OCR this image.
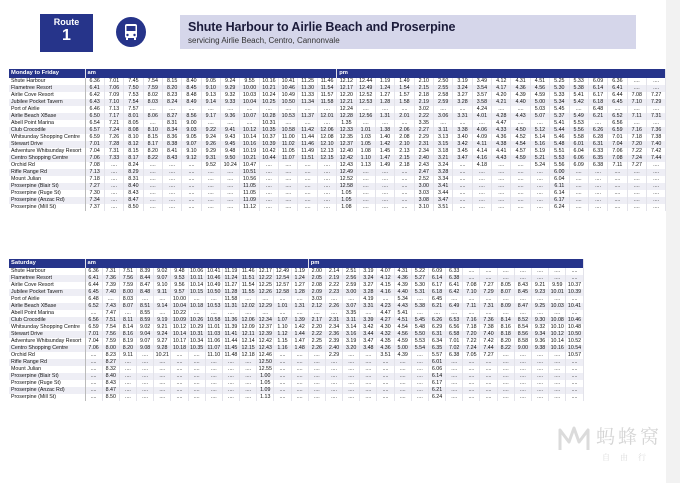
Route
1	Shute Harbour to Airlie Beach and Proserpine
servicing Airlie Beach, Centro, Cannonvale
Monday to Friday	am													pm																
Shute Harbour	6.36	7.01	7.45	7.54	8.15	8.40	9.05	9.24	9.55	10.16	10.41	11.25	11.46	12.12	12.44	1.19	1.49	2.10	2.50	3.19	3.49	4.12	4.31	4.51	5.25	5.33	6.09	6.36	....	....
Flametree Resort	6.41	7.06	7.50	7.59	8.20	8.45	9.10	9.29	10.00	10.21	10.46	11.30	11.54	12.17	12.49	1.24	1.54	2.15	2.55	3.24	3.54	4.17	4.36	4.56	5.30	5.38	6.14	6.41	....	....
Airlie Cove Resort	6.42	7.09	7.53	8.02	8.23	8.48	9.13	9.32	10.03	10.24	10.49	11.33	11.57	12.20	12.52	1.27	1.57	2.18	2.58	3.27	3.57	4.20	4.39	4.59	5.33	5.41	6.17	6.44	7.08	7.27
Jubilee Pocket Tavern	6.43	7.10	7.54	8.03	8.24	8.49	9.14	9.33	10.04	10.25	10.50	11.34	11.58	12.21	12.53	1.28	1.58	2.19	2.59	3.28	3.58	4.21	4.40	5.00	5.34	5.42	6.18	6.45	7.10	7.29
Port of Airlie	6.46	7.13	7.57	....	....	....	....	....	....	....	....	....	....	12.24	....	....	....	3.02	....	....	4.24	....	....	5.03	5.45	....	6.48	....	....	....
Airlie Beach XBase	6.50	7.17	8.01	8.06	8.27	8.56	9.17	9.36	10.07	10.28	10.53	11.37	12.01	12.28	12.56	1.31	2.01	2.22	3.06	3.31	4.01	4.28	4.43	5.07	5.37	5.49	6.21	6.52	7.11	7.31
Abell Point Marina	6.54	7.21	8.05	....	8.31	9.00	....	....	....	10.31	....	....	....	1.35	....	....	....	3.35	....	....	....	4.47	....	....	5.41	5.53	....	6.56	....	....
Club Crocodile	6.57	7.24	8.08	8.10	8.34	9.03	9.22	9.41	10.12	10.35	10.58	11.42	12.06	12.33	1.01	1.38	2.06	2.27	3.11	3.38	4.06	4.33	4.50	5.12	5.44	5.56	6.26	6.59	7.16	7.36
Whitsunday Shopping Centre	6.59	7.26	8.10	8.15	8.36	9.05	9.24	9.43	10.14	10.37	11.00	11.44	12.08	12.35	1.03	1.40	2.08	2.29	3.13	3.40	4.09	4.36	4.52	5.14	5.46	5.58	6.28	7.01	7.18	7.38
Stewart Drive	7.01	7.28	8.12	8.17	8.38	9.07	9.26	9.45	10.16	10.39	11.02	11.46	12.10	12.37	1.05	1.42	2.10	2.31	3.15	3.42	4.11	4.38	4.54	5.16	5.48	6.01	6.31	7.04	7.20	7.40
Adventure Whitsunday Resort	7.04	7.31	8.15	8.20	8.41	9.10	9.29	9.48	10.19	10.42	11.05	11.49	12.13	12.40	1.08	1.45	2.13	2.34	3.18	3.45	4.14	4.41	4.57	5.19	5.51	6.04	6.33	7.06	7.22	7.42
Centro Shopping Centre	7.06	7.33	8.17	8.22	8.43	9.12	9.31	9.50	10.21	10.44	11.07	11.51	12.15	12.42	1.10	1.47	2.15	2.40	3.21	3.47	4.16	4.43	4.59	5.21	5.53	6.06	6.35	7.08	7.24	7.44
Orchid Rd	7.08	....	8.24	....	....	....	9.52	10.24	10.47	....	....	....	....	12.43	1.13	1.49	2.18	2.43	3.24	....	4.18	....	....	5.24	5.56	6.09	6.38	7.11	7.27	....
Rifle Range Rd	7.13	....	8.29	....	....	....	....	....	10.51	....	....	....	....	12.49	....	....	....	2.47	3.28	....	....	....	....	....	6.00	....	....	....	....	....
Mount Julian	7.18	....	8.31	....	....	....	....	....	10.56	....	....	....	....	12.52	....	....	....	2.52	3.34	....	....	....	....	....	6.04	....	....	....	....	....
Proserpine (Blair St)	7.27	....	8.40	....	....	....	....	....	11.05	....	....	....	....	12.58	....	....	....	3.00	3.41	....	....	....	....	....	6.11	....	....	....	....	....
Proserpine (Ruge St)	7.30	....	8.43	....	....	....	....	....	11.05	....	....	....	....	1.05	....	....	....	3.03	3.44	....	....	....	....	....	6.14	....	....	....	....	....
Proserpine (Anzac Rd)	7.34	....	8.47	....	....	....	....	....	11.09	....	....	....	....	1.05	....	....	....	3.08	3.47	....	....	....	....	....	6.17	....	....	....	....	....
Proserpine (Mill St)	7.37	....	8.50	....	....	....	....	....	11.12	....	....	....	....	1.08	....	....	....	3.10	3.51	....	....	....	....	....	6.24	....	....	....	....	....
Saturday	am													pm															
Shute Harbour	6.36	7.31	7.51	8.39	9.02	9.48	10.06	10.41	11.19	11.46	12.17	12.49	1.19	2.00	2.14	2.51	3.19	4.07	4.31	5.22	6.09	6.33	....	....	....	....	....	....	....
Flametree Resort	6.41	7.36	7.56	8.44	9.07	9.53	10.11	10.46	11.24	11.51	12.22	12.54	1.24	2.05	2.19	2.56	3.24	4.12	4.36	5.27	6.14	6.38	....	....	....	....	....	....	....
Airlie Cove Resort	6.44	7.39	7.59	8.47	9.10	9.56	10.14	10.49	11.27	11.54	12.25	12.57	1.27	2.08	2.22	2.59	3.27	4.15	4.39	5.30	6.17	6.41	7.08	7.27	8.05	8.43	9.21	9.59	10.37
Jubilee Pocket Tavern	6.45	7.40	8.00	8.48	9.11	9.57	10.15	10.50	11.28	11.55	12.26	12.58	1.28	2.09	2.23	3.00	3.28	4.16	4.40	5.31	6.18	6.42	7.10	7.29	8.07	8.45	9.23	10.01	10.39
Port of Airlie	6.48	....	8.03	....	....	10.00	....	....	11.58	....	....	....	....	3.03	....	....	4.19	....	5.34	....	6.45	....	....	....	....	....	....	....	....
Airlie Beach XBase	6.52	7.43	8.07	8.51	9.14	10.04	10.18	10.53	11.31	12.02	12.29	1.01	1.31	2.12	2.26	3.07	3.31	4.23	4.43	5.38	6.21	6.49	7.11	7.31	8.09	8.47	9.25	10.03	10.41
Abell Point Marina	....	7.47	....	8.55	....	10.22	....	....	....	....	....	....	....	....	....	3.35	....	4.47	5.41	....	....	....	....	....	....	....	....	....	....
Club Crocodile	6.56	7.51	8.11	8.59	9.19	10.09	10.26	10.58	11.36	12.06	12.34	1.07	1.39	2.17	2.31	3.11	3.39	4.27	4.51	5.45	6.26	6.53	7.16	7.36	8.14	8.52	9.30	10.08	10.46
Whitsunday Shopping Centre	6.59	7.54	8.14	9.02	9.21	10.12	10.29	11.01	11.39	12.09	12.37	1.10	1.42	2.20	2.34	3.14	3.42	4.30	4.54	5.48	6.29	6.56	7.18	7.38	8.16	8.54	9.32	10.10	10.48
Stewart Drive	7.01	7.56	8.16	9.04	9.24	10.14	10.31	11.03	11.41	12.11	12.39	1.12	1.44	2.22	2.36	3.16	3.44	4.32	4.56	5.50	6.31	6.58	7.20	7.40	8.18	8.56	9.34	10.12	10.50
Adventure Whitsunday Resort	7.04	7.59	8.19	9.07	9.27	10.17	10.34	11.06	11.44	12.14	12.42	1.15	1.47	2.25	2.39	3.19	3.47	4.35	4.59	5.53	6.34	7.01	7.22	7.42	8.20	8.58	9.36	10.14	10.52
Centro Shopping Centre	7.06	8.00	8.20	9.08	9.28	10.18	10.35	11.07	11.45	12.15	12.43	1.16	1.48	2.26	2.40	3.20	3.48	4.36	5.00	5.54	6.35	7.02	7.24	7.44	8.22	9.00	9.38	10.16	10.54
Orchid Rd	....	8.23	9.11	....	10.21	....	....	11.10	11.48	12.18	12.46	....	....	....	2.29	....	....	3.51	4.39	....	5.57	6.38	7.05	7.27	....	....	....	....	10.57
Rifle Range Rd	....	8.27	....	....	....	....	....	....	....	....	12.50	....	....	....	....	....	....	....	....	....	6.01	....	....	....	....	....	....	....	....
Mount Julian	....	8.32	....	....	....	....	....	....	....	....	12.55	....	....	....	....	....	....	....	....	....	6.06	....	....	....	....	....	....	....	....
Proserpine (Blair St)	....	8.40	....	....	....	....	....	....	....	....	1.00	....	....	....	....	....	....	....	....	....	6.14	....	....	....	....	....	....	....	....
Proserpine (Ruge St)	....	8.43	....	....	....	....	....	....	....	....	1.05	....	....	....	....	....	....	....	....	....	6.17	....	....	....	....	....	....	....	....
Proserpine (Anzac Rd)	....	8.47	....	....	....	....	....	....	....	....	1.09	....	....	....	....	....	....	....	....	....	6.21	....	....	....	....	....	....	....	....
Proserpine (Mill St)	....	8.50	....	....	....	....	....	....	....	....	1.13	....	....	....	....	....	....	....	....	....	6.24	....	....	....	....	....	....	....	....
蚂蜂窝
自由行
